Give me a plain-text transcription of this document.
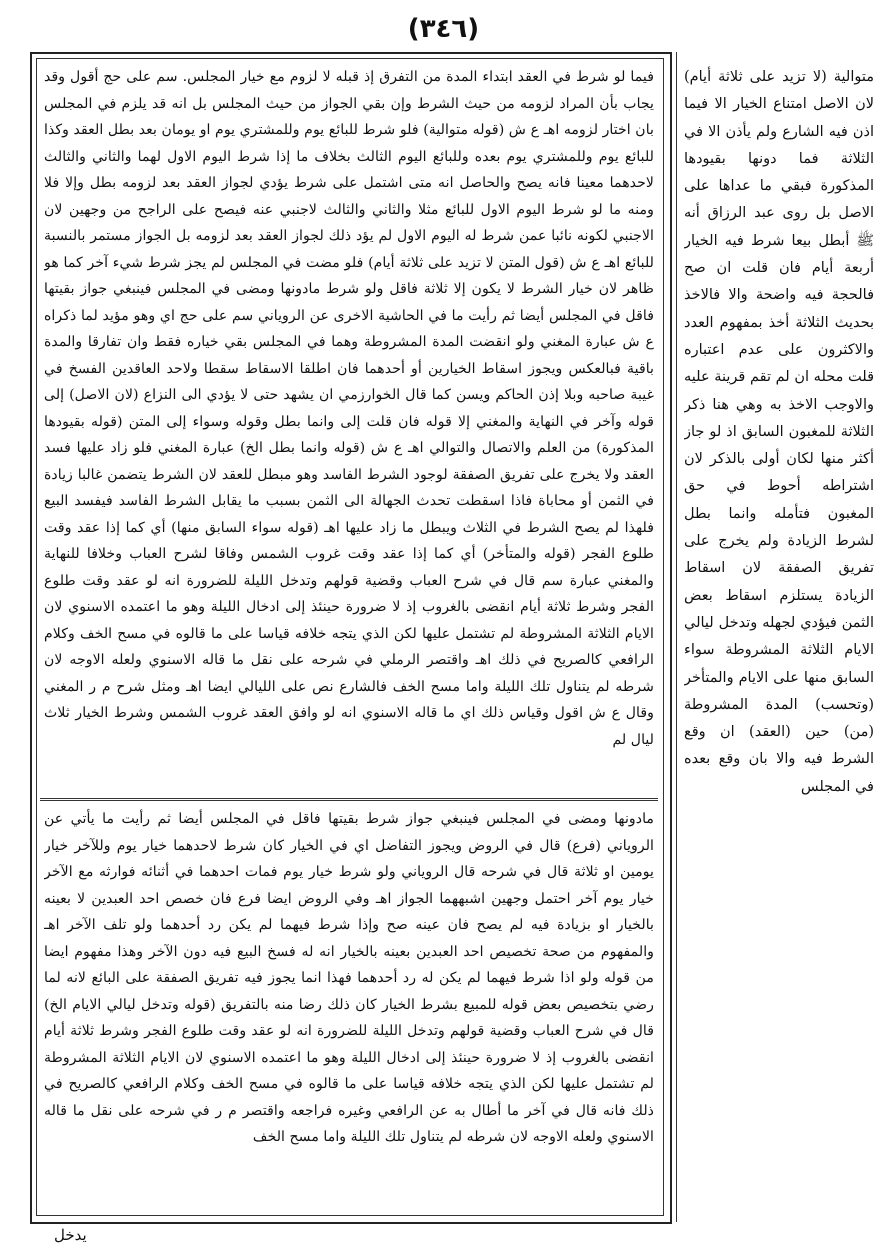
(٣٤٦)

فيما لو شرط في العقد ابتداء المدة من التفرق إذ قبله لا لزوم مع خيار المجلس. سم على حج أقول وقد يجاب بأن المراد لزومه من حيث الشرط وإن بقي الجواز من حيث المجلس بل انه قد يلزم في المجلس بان اختار لزومه اهـ ع ش (قوله متوالية) فلو شرط للبائع يوم وللمشتري يوم او يومان بعد بطل العقد وكذا للبائع يوم وللمشتري يوم بعده وللبائع اليوم الثالث بخلاف ما إذا شرط اليوم الاول لهما والثاني والثالث لاحدهما معينا فانه يصح والحاصل انه متى اشتمل على شرط يؤدي لجواز العقد بعد لزومه بطل وإلا فلا ومنه ما لو شرط اليوم الاول للبائع مثلا والثاني والثالث لاجنبي عنه فيصح على الراجح من وجهين لان الاجنبي لكونه نائبا عمن شرط له اليوم الاول لم يؤد ذلك لجواز العقد بعد لزومه بل الجواز مستمر بالنسبة للبائع اهـ ع ش (قول المتن لا تزيد على ثلاثة أيام) فلو مضت في المجلس لم يجز شرط شيء آخر كما هو ظاهر لان خيار الشرط لا يكون إلا ثلاثة فاقل ولو شرط مادونها ومضى في المجلس فينبغي جواز بقيتها فاقل في المجلس أيضا ثم رأيت ما في الحاشية الاخرى عن الروياني سم على حج اي وهو مؤيد لما ذكراه ع ش عبارة المغني ولو انقضت المدة المشروطة وهما في المجلس بقي خياره فقط وان تفارقا والمدة باقية فبالعكس ويجوز اسقاط الخيارين أو أحدهما فان اطلقا الاسقاط سقطا ولاحد العاقدين الفسخ في غيبة صاحبه وبلا إذن الحاكم ويسن كما قال الخوارزمي ان يشهد حتى لا يؤدي الى النزاع (لان الاصل) إلى قوله وآخر في النهاية والمغني إلا قوله فان قلت إلى وانما بطل وقوله وسواء إلى المتن (قوله بقيودها المذكورة) من العلم والاتصال والتوالي اهـ ع ش (قوله وانما بطل الخ) عبارة المغني فلو زاد عليها فسد العقد ولا يخرج على تفريق الصفقة لوجود الشرط الفاسد وهو مبطل للعقد لان الشرط يتضمن غالبا زيادة في الثمن أو محاباة فاذا اسقطت تحدث الجهالة الى الثمن بسبب ما يقابل الشرط الفاسد فيفسد البيع فلهذا لم يصح الشرط في الثلاث ويبطل ما زاد عليها اهـ (قوله سواء السابق منها) أي كما إذا عقد وقت طلوع الفجر (قوله والمتأخر) أي كما إذا عقد وقت غروب الشمس وفاقا لشرح العباب وخلافا للنهاية والمغني عبارة سم قال في شرح العباب وقضية قولهم وتدخل الليلة للضرورة انه لو عقد وقت طلوع الفجر وشرط ثلاثة أيام انقضى بالغروب إذ لا ضرورة حينئذ إلى ادخال الليلة وهو ما اعتمده الاسنوي لان الايام الثلاثة المشروطة لم تشتمل عليها لكن الذي يتجه خلافه قياسا على ما قالوه في مسح الخف وكلام الرافعي كالصريح في ذلك اهـ واقتصر الرملي في شرحه على نقل ما قاله الاسنوي ولعله الاوجه لان شرطه لم يتناول تلك الليلة واما مسح الخف فالشارع نص على الليالي ايضا اهـ ومثل شرح م ر المغني وقال ع ش اقول وقياس ذلك اي ما قاله الاسنوي انه لو وافق العقد غروب الشمس وشرط الخيار ثلاث ليال لم

مادونها ومضى في المجلس فينبغي جواز شرط بقيتها فاقل في المجلس أيضا ثم رأيت ما يأتي عن الروياني (فرع) قال في الروض ويجوز التفاضل اي في الخيار كان شرط لاحدهما خيار يوم وللآخر خيار يومين او ثلاثة قال في شرحه قال الروياني ولو شرط خيار يوم فمات احدهما في أثنائه فوارثه مع الآخر خيار يوم آخر احتمل وجهين اشبههما الجواز اهـ وفي الروض ايضا فرع فان خصص احد العبدين لا بعينه بالخيار او بزيادة فيه لم يصح فان عينه صح وإذا شرط فيهما لم يكن رد أحدهما ولو تلف الآخر اهـ والمفهوم من صحة تخصيص احد العبدين بعينه بالخيار انه له فسخ البيع فيه دون الآخر وهذا مفهوم ايضا من قوله ولو اذا شرط فيهما لم يكن له رد أحدهما فهذا انما يجوز فيه تفريق الصفقة على البائع لانه لما رضي بتخصيص بعض قوله للمبيع بشرط الخيار كان ذلك رضا منه بالتفريق (قوله وتدخل ليالي الايام الخ) قال في شرح العباب وقضية قولهم وتدخل الليلة للضرورة انه لو عقد وقت طلوع الفجر وشرط ثلاثة أيام انقضى بالغروب إذ لا ضرورة حينئذ إلى ادخال الليلة وهو ما اعتمده الاسنوي لان الايام الثلاثة المشروطة لم تشتمل عليها لكن الذي يتجه خلافه قياسا على ما قالوه في مسح الخف وكلام الرافعي كالصريح في ذلك فانه قال في آخر ما أطال به عن الرافعي وغيره فراجعه واقتصر م ر في شرحه على نقل ما قاله الاسنوي ولعله الاوجه لان شرطه لم يتناول تلك الليلة واما مسح الخف

متوالية (لا تزيد على ثلاثة أيام) لان الاصل امتناع الخيار الا فيما اذن فيه الشارع ولم يأذن الا في الثلاثة فما دونها بقيودها المذكورة فبقي ما عداها على الاصل بل روى عبد الرزاق أنه ﷺ أبطل بيعا شرط فيه الخيار أربعة أيام فان قلت ان صح فالحجة فيه واضحة والا فالاخذ بحديث الثلاثة أخذ بمفهوم العدد والاكثرون على عدم اعتباره قلت محله ان لم تقم قرينة عليه والاوجب الاخذ به وهي هنا ذكر الثلاثة للمغبون السابق اذ لو جاز أكثر منها لكان أولى بالذكر لان اشتراطه أحوط في حق المغبون فتأمله وانما بطل لشرط الزيادة ولم يخرج على تفريق الصفقة لان اسقاط الزيادة يستلزم اسقاط بعض الثمن فيؤدي لجهله وتدخل ليالي الايام الثلاثة المشروطة سواء السابق منها على الايام والمتأخر (وتحسب) المدة المشروطة (من) حين (العقد) ان وقع الشرط فيه والا بان وقع بعده في المجلس

يدخل
